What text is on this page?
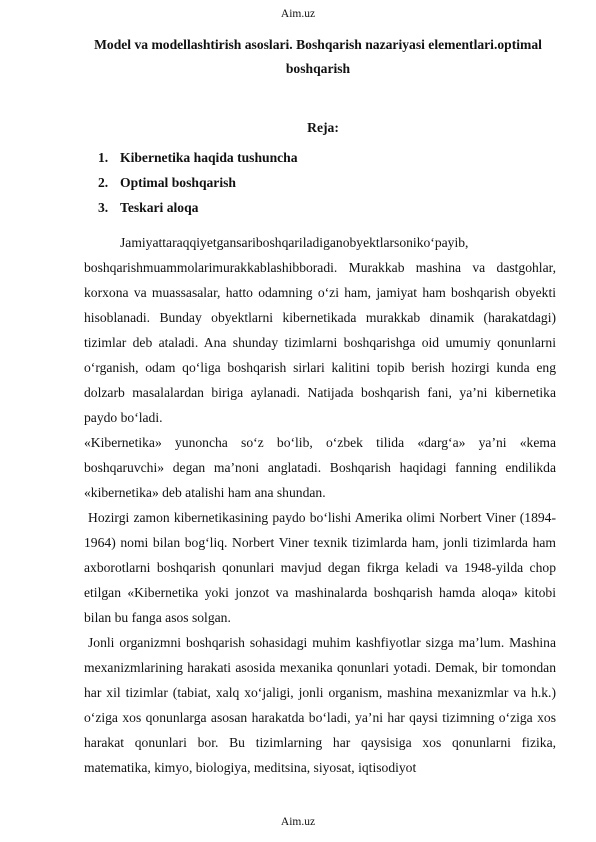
Aim.uz
Model va modellashtirish asoslari. Boshqarish nazariyasi elementlari.optimal boshqarish
Reja:
1. Kibernetika haqida tushuncha
2. Optimal boshqarish
3. Teskari aloqa

Jamiyattaraqqiyetgansariboshqariladiganobyektlarsoniko‘payib, boshqarishmuammolarimurakkablashibboradi. Murakkab mashina va dastgohlar, korxona va muassasalar, hatto odamning o‘zi ham, jamiyat ham boshqarish obyekti hisoblanadi. Bunday obyektlarni kibernetikada murakkab dinamik (harakatdagi) tizimlar deb ataladi. Ana shunday tizimlarni boshqarishga oid umumiy qonunlarni o‘rganish, odam qo‘liga boshqarish sirlari kalitini topib berish hozirgi kunda eng dolzarb masalalardan biriga aylanadi. Natijada boshqarish fani, ya’ni kibernetika paydo bo‘ladi.

«Kibernetika» yunoncha so‘z bo‘lib, o‘zbek tilida «darg‘a» ya’ni «kema boshqaruvchi» degan ma’noni anglatadi. Boshqarish haqidagi fanning endilikda «kibernetika» deb atalishi ham ana shundan.

Hozirgi zamon kibernetikasining paydo bo‘lishi Amerika olimi Norbert Viner (1894-1964) nomi bilan bog‘liq. Norbert Viner texnik tizimlarda ham, jonli tizimlarda ham axborotlarni boshqarish qonunlari mavjud degan fikrga keladi va 1948-yilda chop etilgan «Kibernetika yoki jonzot va mashinalarda boshqarish hamda aloqa» kitobi bilan bu fanga asos solgan.

Jonli organizmni boshqarish sohasidagi muhim kashfiyotlar sizga ma’lum. Mashina mexanizmlarining harakati asosida mexanika qonunlari yotadi. Demak, bir tomondan har xil tizimlar (tabiat, xalq xo‘jaligi, jonli organism, mashina mexanizmlar va h.k.) o‘ziga xos qonunlarga asosan harakatda bo‘ladi, ya’ni har qaysi tizimning o‘ziga xos harakat qonunlari bor. Bu tizimlarning har qaysisiga xos qonunlarni fizika, matematika, kimyo, biologiya, meditsina, siyosat, iqtisodiyot

Aim.uz
